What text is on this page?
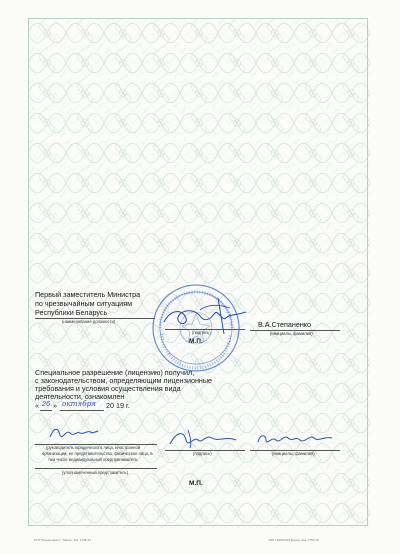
Первый заместитель Министра
по чрезвычайным ситуациям
Республики Беларусь
(наименование должности)
(подпись)
В.А.Степаненко
(инициалы, фамилия)
М.П.
Специальное разрешение (лицензию) получил,
с законодательством, определяющим лицензионные
требования и условия осуществления вида
деятельности, ознакомлен
« 26 » октября 20 19 г.
(руководитель юридического лица, иностранной
организации, ее представительства, физическое лицо, в
том числе индивидуальный предприниматель
(уполномоченный представитель)
(подпись)	(инициалы, фамилия)
М.П.
РУП "Бизнесофсет". Минск. Зак. 1755-13	УНП 190597433 Минск. Зак. 1755-13
